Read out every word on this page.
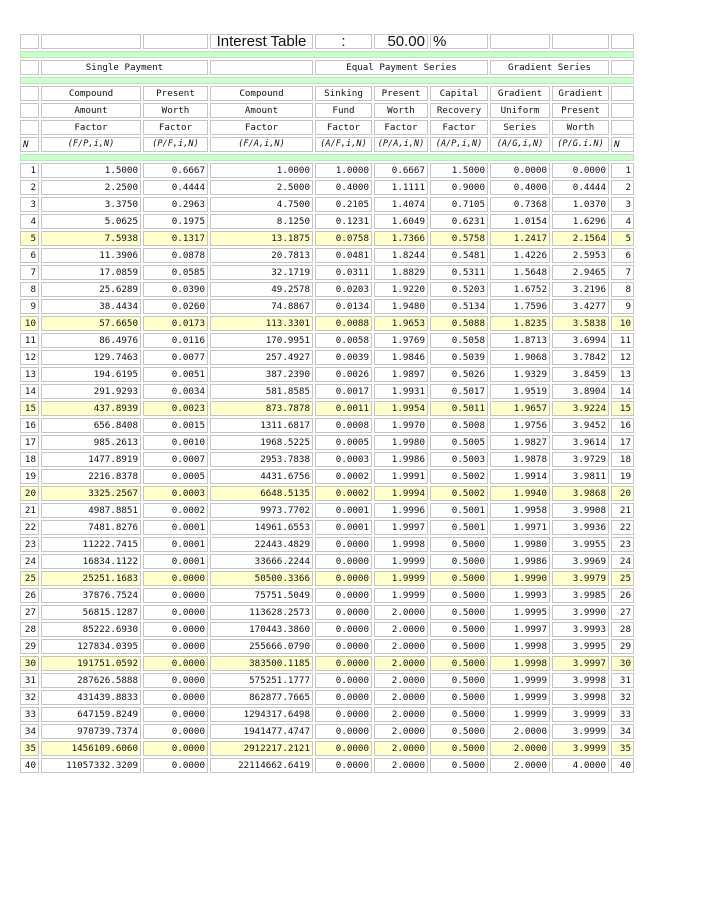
			Interest Table	:	50.00	%			

	Single Payment			Equal Payment Series			Gradient Series		

	Compound	Present	Compound	Sinking	Present	Capital	Gradient	Gradient	
	Amount	Worth	Amount	Fund	Worth	Recovery	Uniform	Present	
	Factor	Factor	Factor	Factor	Factor	Factor	Series	Worth	
N	(F/P,i,N)	(P/F,i,N)	(F/A,i,N)	(A/F,i,N)	(P/A,i,N)	(A/P,i,N)	(A/G,i,N)	(P/G.i.N)	N

1	1.5000	0.6667	1.0000	1.0000	0.6667	1.5000	0.0000	0.0000	1
2	2.2500	0.4444	2.5000	0.4000	1.1111	0.9000	0.4000	0.4444	2
3	3.3750	0.2963	4.7500	0.2105	1.4074	0.7105	0.7368	1.0370	3
4	5.0625	0.1975	8.1250	0.1231	1.6049	0.6231	1.0154	1.6296	4
5	7.5938	0.1317	13.1875	0.0758	1.7366	0.5758	1.2417	2.1564	5
6	11.3906	0.0878	20.7813	0.0481	1.8244	0.5481	1.4226	2.5953	6
7	17.0859	0.0585	32.1719	0.0311	1.8829	0.5311	1.5648	2.9465	7
8	25.6289	0.0390	49.2578	0.0203	1.9220	0.5203	1.6752	3.2196	8
9	38.4434	0.0260	74.8867	0.0134	1.9480	0.5134	1.7596	3.4277	9
10	57.6650	0.0173	113.3301	0.0088	1.9653	0.5088	1.8235	3.5838	10
11	86.4976	0.0116	170.9951	0.0058	1.9769	0.5058	1.8713	3.6994	11
12	129.7463	0.0077	257.4927	0.0039	1.9846	0.5039	1.9068	3.7842	12
13	194.6195	0.0051	387.2390	0.0026	1.9897	0.5026	1.9329	3.8459	13
14	291.9293	0.0034	581.8585	0.0017	1.9931	0.5017	1.9519	3.8904	14
15	437.8939	0.0023	873.7878	0.0011	1.9954	0.5011	1.9657	3.9224	15
16	656.8408	0.0015	1311.6817	0.0008	1.9970	0.5008	1.9756	3.9452	16
17	985.2613	0.0010	1968.5225	0.0005	1.9980	0.5005	1.9827	3.9614	17
18	1477.8919	0.0007	2953.7838	0.0003	1.9986	0.5003	1.9878	3.9729	18
19	2216.8378	0.0005	4431.6756	0.0002	1.9991	0.5002	1.9914	3.9811	19
20	3325.2567	0.0003	6648.5135	0.0002	1.9994	0.5002	1.9940	3.9868	20
21	4987.8851	0.0002	9973.7702	0.0001	1.9996	0.5001	1.9958	3.9908	21
22	7481.8276	0.0001	14961.6553	0.0001	1.9997	0.5001	1.9971	3.9936	22
23	11222.7415	0.0001	22443.4829	0.0000	1.9998	0.5000	1.9980	3.9955	23
24	16834.1122	0.0001	33666.2244	0.0000	1.9999	0.5000	1.9986	3.9969	24
25	25251.1683	0.0000	50500.3366	0.0000	1.9999	0.5000	1.9990	3.9979	25
26	37876.7524	0.0000	75751.5049	0.0000	1.9999	0.5000	1.9993	3.9985	26
27	56815.1287	0.0000	113628.2573	0.0000	2.0000	0.5000	1.9995	3.9990	27
28	85222.6930	0.0000	170443.3860	0.0000	2.0000	0.5000	1.9997	3.9993	28
29	127834.0395	0.0000	255666.0790	0.0000	2.0000	0.5000	1.9998	3.9995	29
30	191751.0592	0.0000	383500.1185	0.0000	2.0000	0.5000	1.9998	3.9997	30
31	287626.5888	0.0000	575251.1777	0.0000	2.0000	0.5000	1.9999	3.9998	31
32	431439.8833	0.0000	862877.7665	0.0000	2.0000	0.5000	1.9999	3.9998	32
33	647159.8249	0.0000	1294317.6498	0.0000	2.0000	0.5000	1.9999	3.9999	33
34	970739.7374	0.0000	1941477.4747	0.0000	2.0000	0.5000	2.0000	3.9999	34
35	1456109.6060	0.0000	2912217.2121	0.0000	2.0000	0.5000	2.0000	3.9999	35
40	11057332.3209	0.0000	22114662.6419	0.0000	2.0000	0.5000	2.0000	4.0000	40
